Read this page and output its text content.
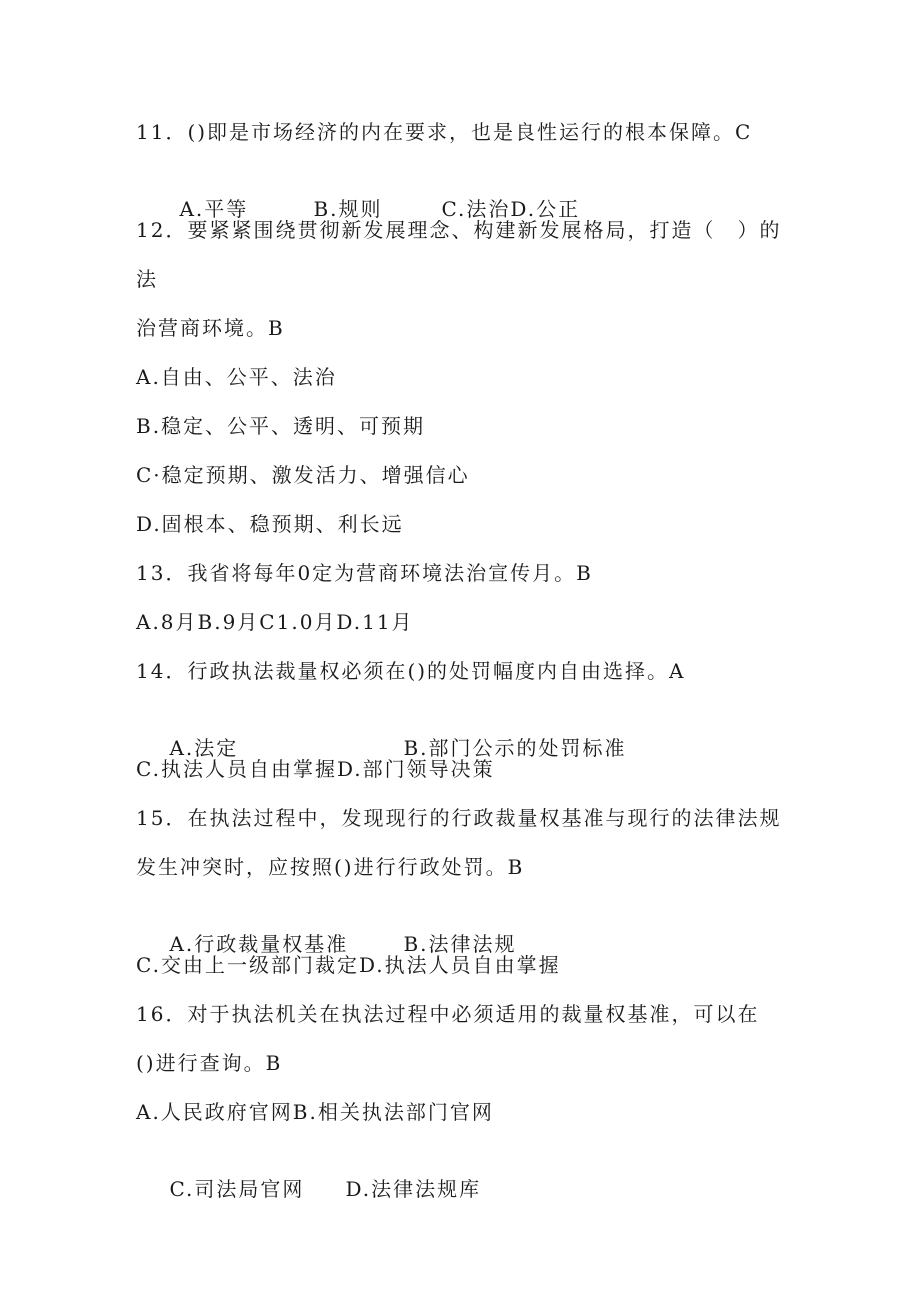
11．()即是市场经济的内在要求，也是良性运行的根本保障。C

A.平等	B.规则	C.法治D.公正

12．要紧紧围绕贯彻新发展理念、构建新发展格局，打造（　）的
法
治营商环境。B
A.自由、公平、法治
B.稳定、公平、透明、可预期
C·稳定预期、激发活力、增强信心
D.固根本、稳预期、利长远
13．我省将每年0定为营商环境法治宣传月。B
A.8月B.9月C1.0月D.11月
14．行政执法裁量权必须在()的处罚幅度内自由选择。A

A.法定	B.部门公示的处罚标准

C.执法人员自由掌握D.部门领导决策
15．在执法过程中，发现现行的行政裁量权基准与现行的法律法规
发生冲突时，应按照()进行行政处罚。B

A.行政裁量权基准	B.法律法规

C.交由上一级部门裁定D.执法人员自由掌握
16．对于执法机关在执法过程中必须适用的裁量权基准，可以在
()进行查询。B
A.人民政府官网B.相关执法部门官网

C.司法局官网 D.法律法规库
